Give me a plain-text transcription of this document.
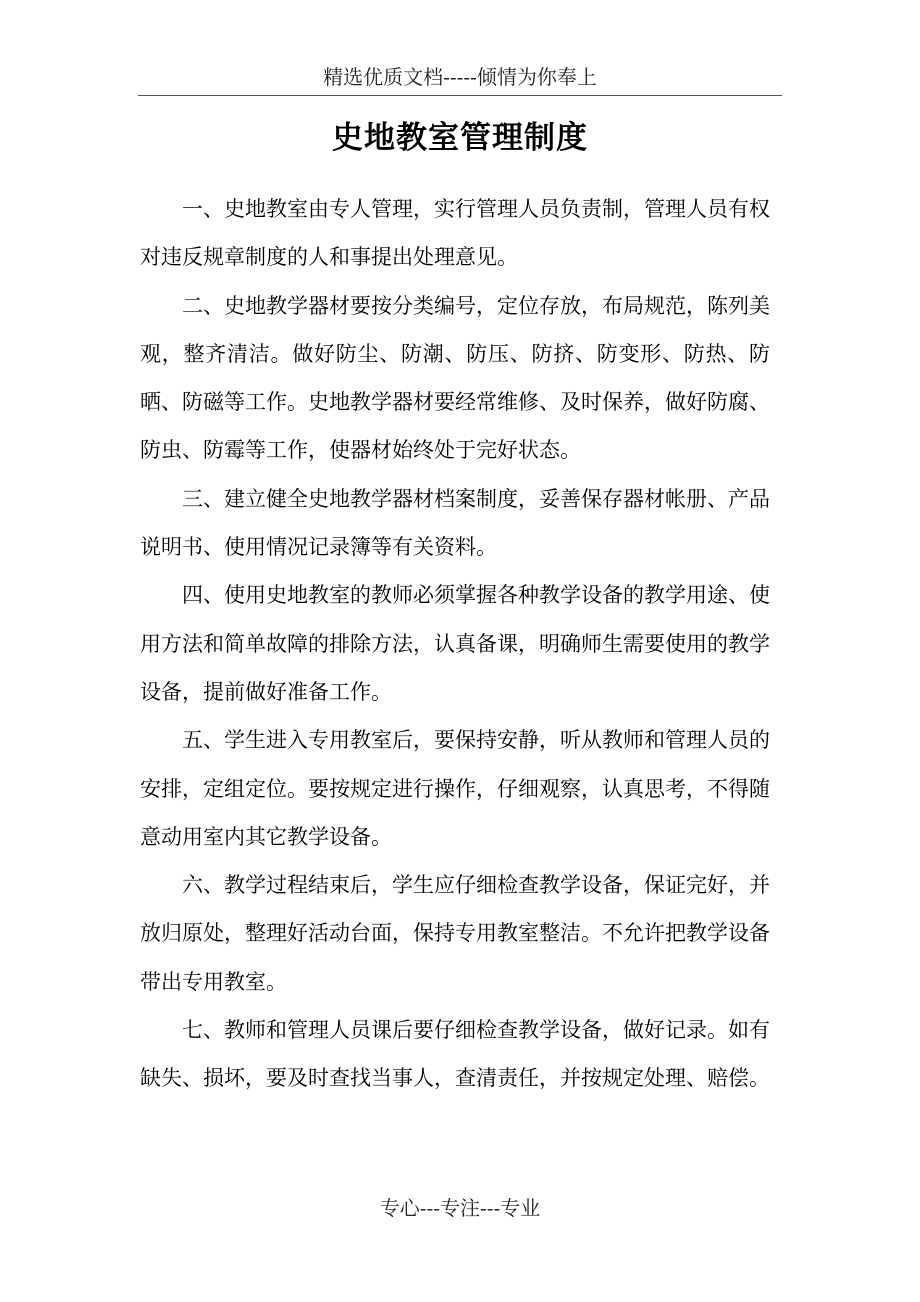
精选优质文档-----倾情为你奉上
史地教室管理制度

一、史地教室由专人管理，实行管理人员负责制，管理人员有权对违反规章制度的人和事提出处理意见。

二、史地教学器材要按分类编号，定位存放，布局规范，陈列美观，整齐清洁。做好防尘、防潮、防压、防挤、防变形、防热、防晒、防磁等工作。史地教学器材要经常维修、及时保养，做好防腐、防虫、防霉等工作，使器材始终处于完好状态。

三、建立健全史地教学器材档案制度，妥善保存器材帐册、产品说明书、使用情况记录簿等有关资料。

四、使用史地教室的教师必须掌握各种教学设备的教学用途、使用方法和简单故障的排除方法，认真备课，明确师生需要使用的教学设备，提前做好准备工作。

五、学生进入专用教室后，要保持安静，听从教师和管理人员的安排，定组定位。要按规定进行操作，仔细观察，认真思考，不得随意动用室内其它教学设备。

六、教学过程结束后，学生应仔细检查教学设备，保证完好，并放归原处，整理好活动台面，保持专用教室整洁。不允许把教学设备带出专用教室。

七、教师和管理人员课后要仔细检查教学设备，做好记录。如有缺失、损坏，要及时查找当事人，查清责任，并按规定处理、赔偿。

专心---专注---专业
